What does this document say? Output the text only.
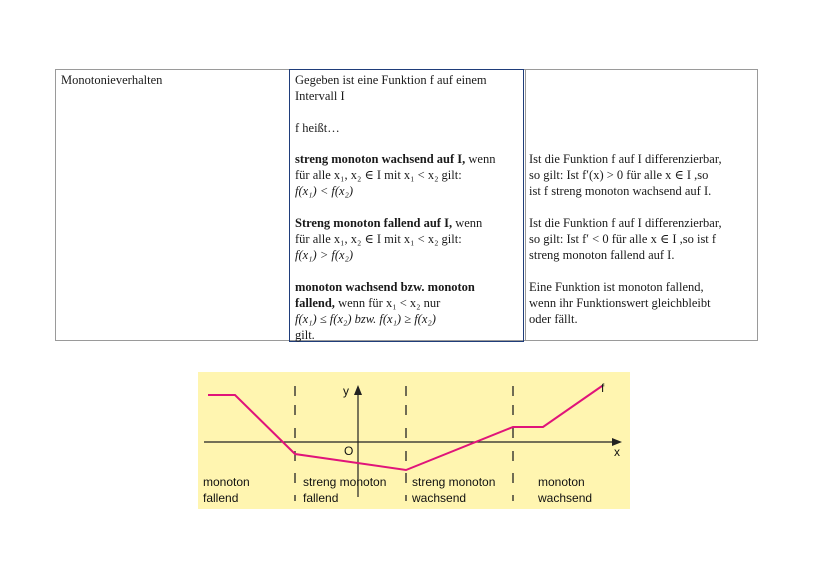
Monotonieverhalten	Gegeben ist eine Funktion f auf einem
Intervall I
f heißt…
streng monoton wachsend auf I, wenn
für alle x₁, x₂ ∈ I mit x₁ < x₂ gilt:
f(x₁) < f(x₂)
Ist die Funktion f auf I differenzierbar,
so gilt: Ist f′(x) > 0 für alle x ∈ I ,so
ist f streng monoton wachsend auf I.
Streng monoton fallend auf I, wenn
für alle x₁, x₂ ∈ I mit x₁ < x₂ gilt:
f(x₁) > f(x₂)
Ist die Funktion f auf I differenzierbar,
so gilt: Ist f′ < 0 für alle x ∈ I ,so ist f
streng monoton fallend auf I.
monoton wachsend bzw. monoton
fallend, wenn für x₁ < x₂ nur
f(x₁) ≤ f(x₂) bzw. f(x₁) ≥ f(x₂)
gilt.
Eine Funktion ist monoton fallend,
wenn ihr Funktionswert gleichbleibt
oder fällt.
y
x
O
f
monoton
fallend
streng monoton
fallend
streng monoton
wachsend
monoton
wachsend
